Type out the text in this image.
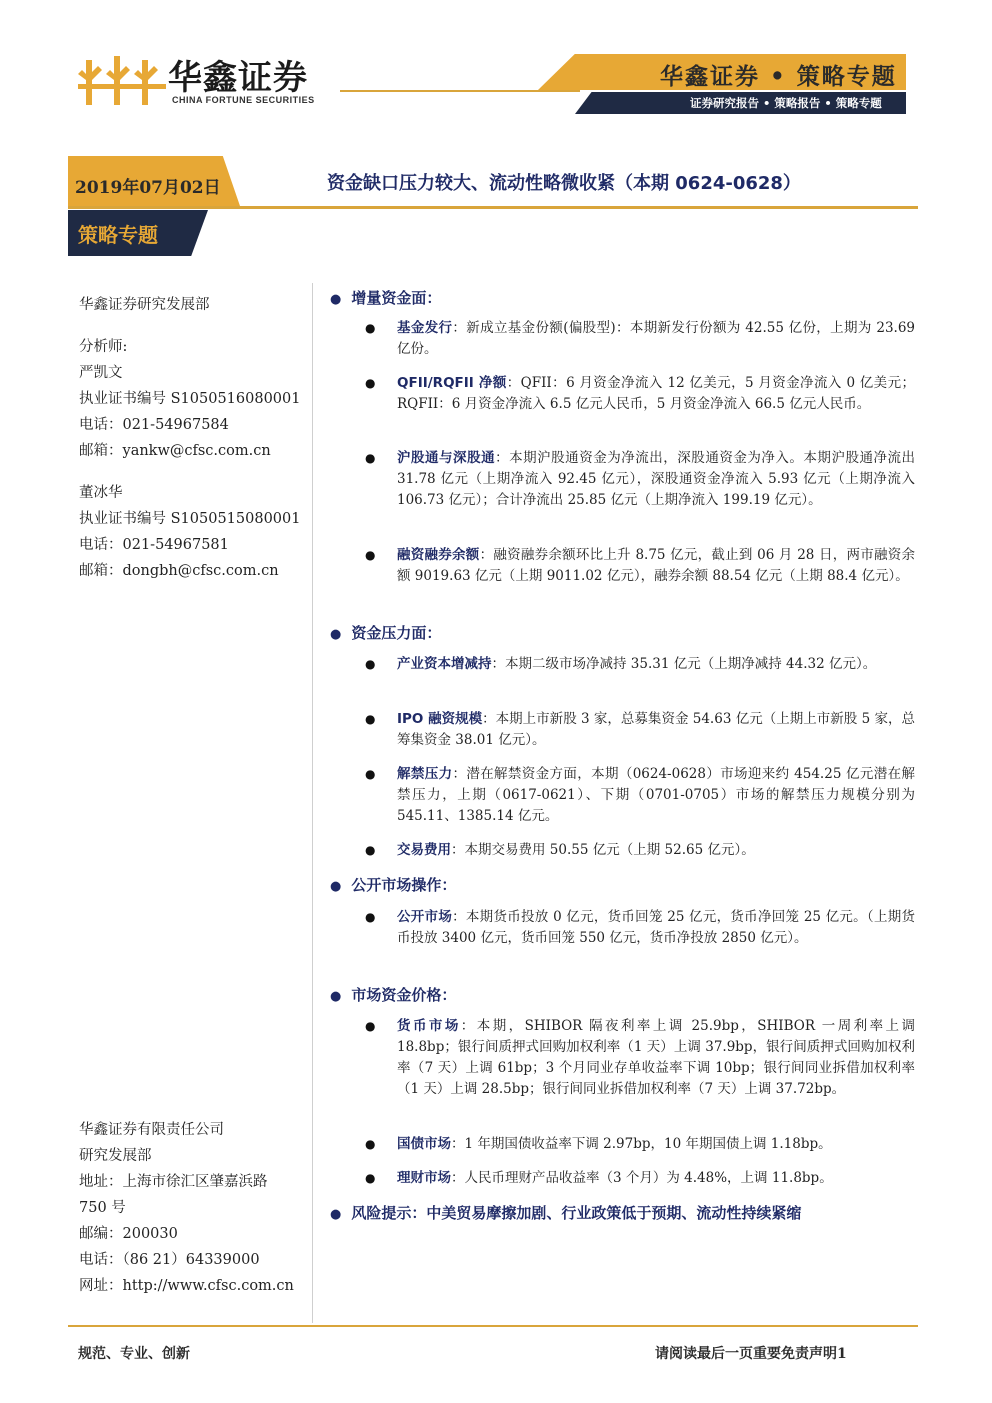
华鑫证券
CHINA FORTUNE SECURITIES
华鑫证券 • 策略专题
证券研究报告 • 策略报告 • 策略专题
2019年07月02日	资金缺口压力较大、流动性略微收紧（本期 0624-0628）
策略专题
华鑫证券研究发展部
分析师:
严凯文
执业证书编号 S1050516080001
电话：021-54967584
邮箱：yankw@cfsc.com.cn
董冰华
执业证书编号 S1050515080001
电话：021-54967581
邮箱：dongbh@cfsc.com.cn
华鑫证券有限责任公司
研究发展部
地址：上海市徐汇区肇嘉浜路
750 号
邮编：200030
电话：（86 21）64339000
网址：http://www.cfsc.com.cn
● 增量资金面：
● 基金发行：新成立基金份额(偏股型)：本期新发行份额为 42.55 亿份，上期为 23.69 亿份。
● QFII/RQFII 净额：QFII：6 月资金净流入 12 亿美元，5 月资金净流入 0 亿美元；RQFII：6 月资金净流入 6.5 亿元人民币，5 月资金净流入 66.5 亿元人民币。
● 沪股通与深股通：本期沪股通资金为净流出，深股通资金为净入。本期沪股通净流出 31.78 亿元（上期净流入 92.45 亿元），深股通资金净流入 5.93 亿元（上期净流入 106.73 亿元）；合计净流出 25.85 亿元（上期净流入 199.19 亿元）。
● 融资融券余额：融资融券余额环比上升 8.75 亿元，截止到 06 月 28 日，两市融资余额 9019.63 亿元（上期 9011.02 亿元），融券余额 88.54 亿元（上期 88.4 亿元）。
● 资金压力面：
● 产业资本增减持：本期二级市场净减持 35.31 亿元（上期净减持 44.32 亿元）。
● IPO 融资规模：本期上市新股 3 家，总募集资金 54.63 亿元（上期上市新股 5 家，总筹集资金 38.01 亿元）。
● 解禁压力：潜在解禁资金方面，本期（0624-0628）市场迎来约 454.25 亿元潜在解禁压力，上期（0617-0621）、下期（0701-0705）市场的解禁压力规模分别为 545.11、1385.14 亿元。
● 交易费用：本期交易费用 50.55 亿元（上期 52.65 亿元）。
● 公开市场操作：
● 公开市场：本期货币投放 0 亿元，货币回笼 25 亿元，货币净回笼 25 亿元。（上期货币投放 3400 亿元，货币回笼 550 亿元，货币净投放 2850 亿元）。
● 市场资金价格：
● 货币市场：本期，SHIBOR 隔夜利率上调 25.9bp，SHIBOR 一周利率上调 18.8bp；银行间质押式回购加权利率（1 天）上调 37.9bp，银行间质押式回购加权利率（7 天）上调 61bp；3 个月同业存单收益率下调 10bp；银行间同业拆借加权利率（1 天）上调 28.5bp；银行间同业拆借加权利率（7 天）上调 37.72bp。
● 国债市场：1 年期国债收益率下调 2.97bp，10 年期国债上调 1.18bp。
● 理财市场：人民币理财产品收益率（3 个月）为 4.48%，上调 11.8bp。
● 风险提示：中美贸易摩擦加剧、行业政策低于预期、流动性持续紧缩
规范、专业、创新	请阅读最后一页重要免责声明1
